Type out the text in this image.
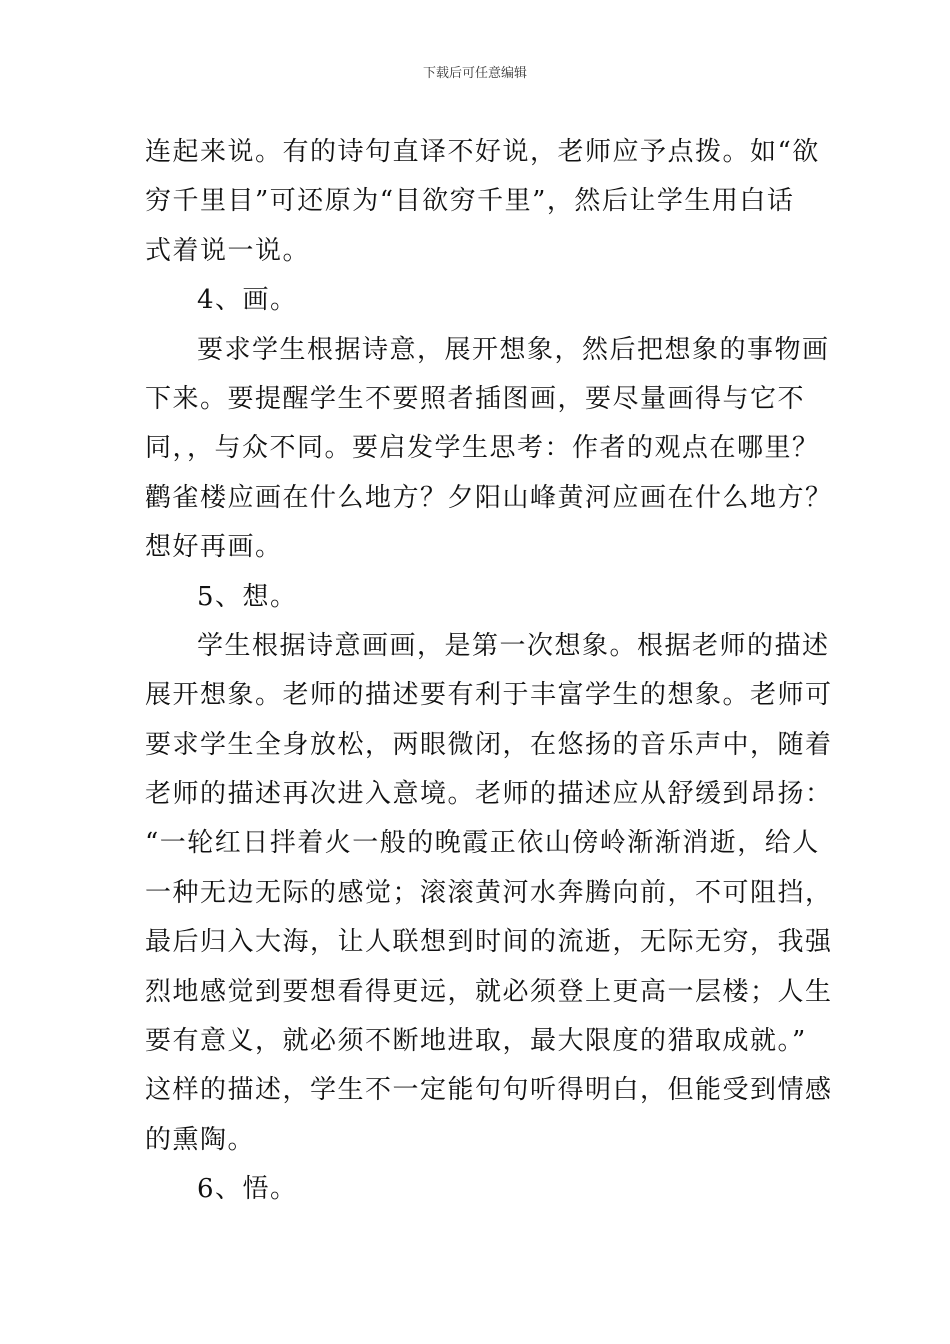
下载后可任意编辑
连起来说。有的诗句直译不好说，老师应予点拨。如“欲
穷千里目”可还原为“目欲穷千里”，然后让学生用白话
式着说一说。
4、画。
要求学生根据诗意，展开想象，然后把想象的事物画
下来。要提醒学生不要照者插图画，要尽量画得与它不
同，，与众不同。要启发学生思考：作者的观点在哪里？
鹳雀楼应画在什么地方？夕阳山峰黄河应画在什么地方？
想好再画。
5、想。
学生根据诗意画画，是第一次想象。根据老师的描述
展开想象。老师的描述要有利于丰富学生的想象。老师可
要求学生全身放松，两眼微闭，在悠扬的音乐声中，随着
老师的描述再次进入意境。老师的描述应从舒缓到昂扬：
“一轮红日拌着火一般的晚霞正依山傍岭渐渐消逝，给人
一种无边无际的感觉；滚滚黄河水奔腾向前，不可阻挡，
最后归入大海，让人联想到时间的流逝，无际无穷，我强
烈地感觉到要想看得更远，就必须登上更高一层楼；人生
要有意义，就必须不断地进取，最大限度的猎取成就。”
这样的描述，学生不一定能句句听得明白，但能受到情感
的熏陶。
6、悟。
